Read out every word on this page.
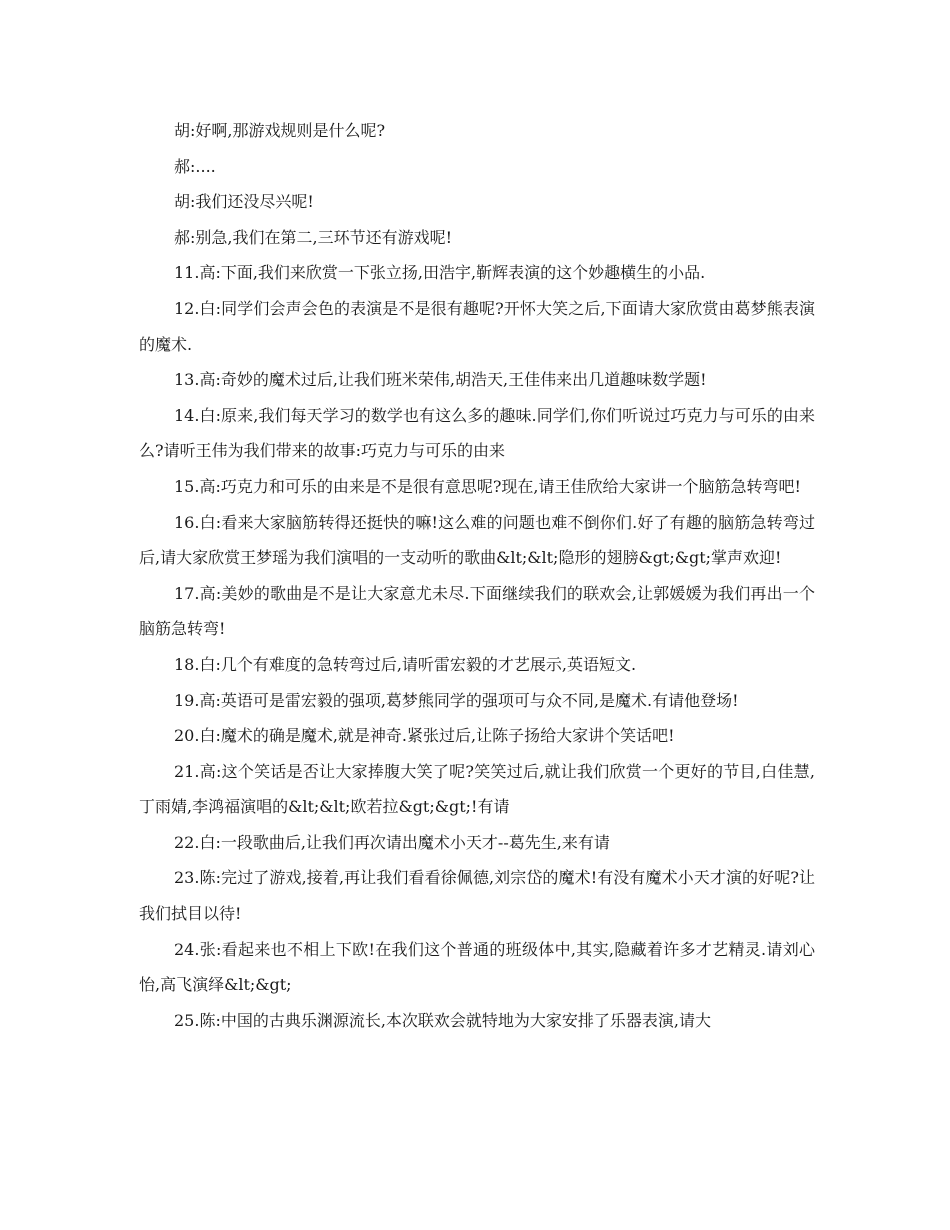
胡:好啊,那游戏规则是什么呢?

郝:....

胡:我们还没尽兴呢!

郝:别急,我们在第二,三环节还有游戏呢!

11.高:下面,我们来欣赏一下张立扬,田浩宇,靳辉表演的这个妙趣横生的小品.

12.白:同学们会声会色的表演是不是很有趣呢?开怀大笑之后,下面请大家欣赏由葛梦熊表演的魔术.

13.高:奇妙的魔术过后,让我们班米荣伟,胡浩天,王佳伟来出几道趣味数学题!

14.白:原来,我们每天学习的数学也有这么多的趣味.同学们,你们听说过巧克力与可乐的由来么?请听王伟为我们带来的故事:巧克力与可乐的由来

15.高:巧克力和可乐的由来是不是很有意思呢?现在,请王佳欣给大家讲一个脑筋急转弯吧!

16.白:看来大家脑筋转得还挺快的嘛!这么难的问题也难不倒你们.好了有趣的脑筋急转弯过后,请大家欣赏王梦瑶为我们演唱的一支动听的歌曲&lt;&lt;隐形的翅膀&gt;&gt;掌声欢迎!

17.高:美妙的歌曲是不是让大家意尤未尽.下面继续我们的联欢会,让郭媛媛为我们再出一个脑筋急转弯!

18.白:几个有难度的急转弯过后,请听雷宏毅的才艺展示,英语短文.

19.高:英语可是雷宏毅的强项,葛梦熊同学的强项可与众不同,是魔术.有请他登场!

20.白:魔术的确是魔术,就是神奇.紧张过后,让陈子扬给大家讲个笑话吧!

21.高:这个笑话是否让大家捧腹大笑了呢?笑笑过后,就让我们欣赏一个更好的节目,白佳慧,丁雨婧,李鸿福演唱的&lt;&lt;欧若拉&gt;&gt;!有请

22.白:一段歌曲后,让我们再次请出魔术小天才--葛先生,来有请

23.陈:完过了游戏,接着,再让我们看看徐佩德,刘宗岱的魔术!有没有魔术小天才演的好呢?让我们拭目以待!

24.张:看起来也不相上下欧!在我们这个普通的班级体中,其实,隐藏着许多才艺精灵.请刘心怡,高飞演绎&lt;&gt;

25.陈:中国的古典乐渊源流长,本次联欢会就特地为大家安排了乐器表演,请大
